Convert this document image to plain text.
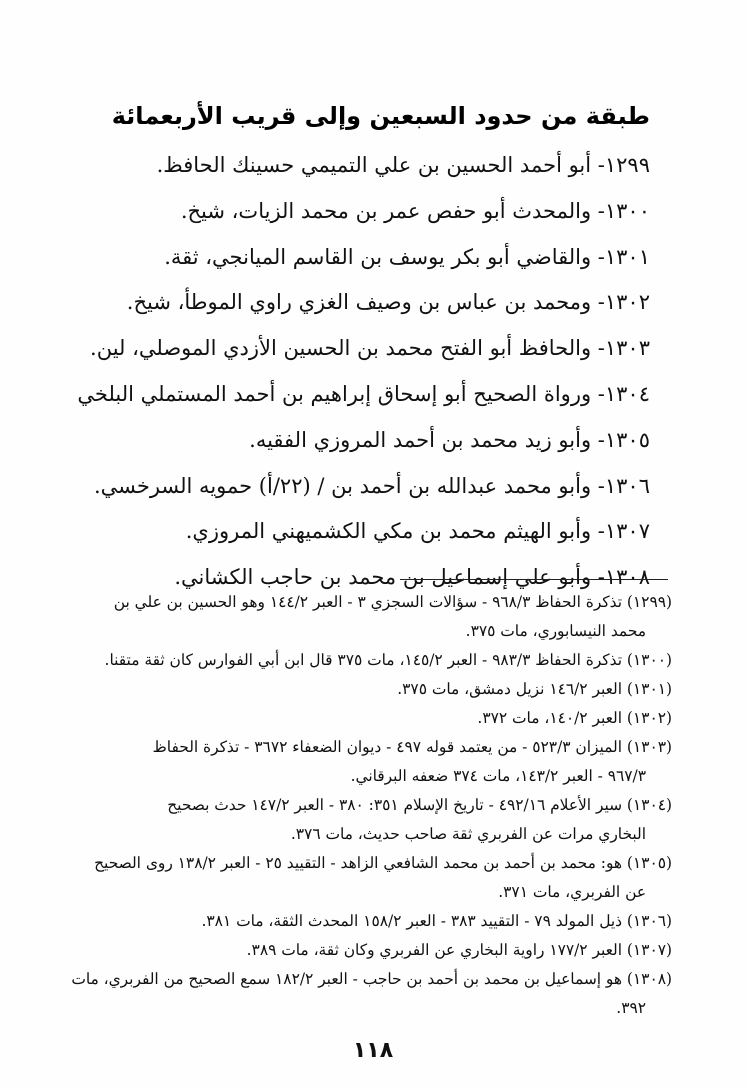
طبقة من حدود السبعين وإلى قريب الأربعمائة
١٢٩٩- أبو أحمد الحسين بن علي التميمي حسينك الحافظ.
١٣٠٠- والمحدث أبو حفص عمر بن محمد الزيات، شيخ.
١٣٠١- والقاضي أبو بكر يوسف بن القاسم الميانجي، ثقة.
١٣٠٢- ومحمد بن عباس بن وصيف الغزي راوي الموطأ، شيخ.
١٣٠٣- والحافظ أبو الفتح محمد بن الحسين الأزدي الموصلي، لين.
١٣٠٤- ورواة الصحيح أبو إسحاق إبراهيم بن أحمد المستملي البلخي
١٣٠٥- وأبو زيد محمد بن أحمد المروزي الفقيه.
١٣٠٦- وأبو محمد عبدالله بن أحمد بن / (٢٢/أ) حمويه السرخسي.
١٣٠٧- وأبو الهيثم محمد بن مكي الكشميهني المروزي.
١٣٠٨- وأبو علي إسماعيل بن محمد بن حاجب الكشاني.
(١٢٩٩) تذكرة الحفاظ ٩٦٨/٣ - سؤالات السجزي ٣ - العبر ١٤٤/٢ وهو الحسين بن علي بن
محمد النيسابوري، مات ٣٧٥.
(١٣٠٠) تذكرة الحفاظ ٩٨٣/٣ - العبر ١٤٥/٢، مات ٣٧٥ قال ابن أبي الفوارس كان ثقة متقنا.
(١٣٠١) العبر ١٤٦/٢ نزيل دمشق، مات ٣٧٥.
(١٣٠٢) العبر ١٤٠/٢، مات ٣٧٢.
(١٣٠٣) الميزان ٥٢٣/٣ - من يعتمد قوله ٤٩٧ - ديوان الضعفاء ٣٦٧٢ - تذكرة الحفاظ
٩٦٧/٣ - العبر ١٤٣/٢، مات ٣٧٤ ضعفه البرقاني.
(١٣٠٤) سير الأعلام ٤٩٢/١٦ - تاريخ الإسلام ٣٥١: ٣٨٠ - العبر ١٤٧/٢ حدث بصحيح
البخاري مرات عن الفربري ثقة صاحب حديث، مات ٣٧٦.
(١٣٠٥) هو: محمد بن أحمد بن محمد الشافعي الزاهد - التقييد ٢٥ - العبر ١٣٨/٢ روى الصحيح
عن الفربري، مات ٣٧١.
(١٣٠٦) ذيل المولد ٧٩ - التقييد ٣٨٣ - العبر ١٥٨/٢ المحدث الثقة، مات ٣٨١.
(١٣٠٧) العبر ١٧٧/٢ راوية البخاري عن الفربري وكان ثقة، مات ٣٨٩.
(١٣٠٨) هو إسماعيل بن محمد بن أحمد بن حاجب - العبر ١٨٢/٢ سمع الصحيح من الفربري، مات
٣٩٢.
١١٨
